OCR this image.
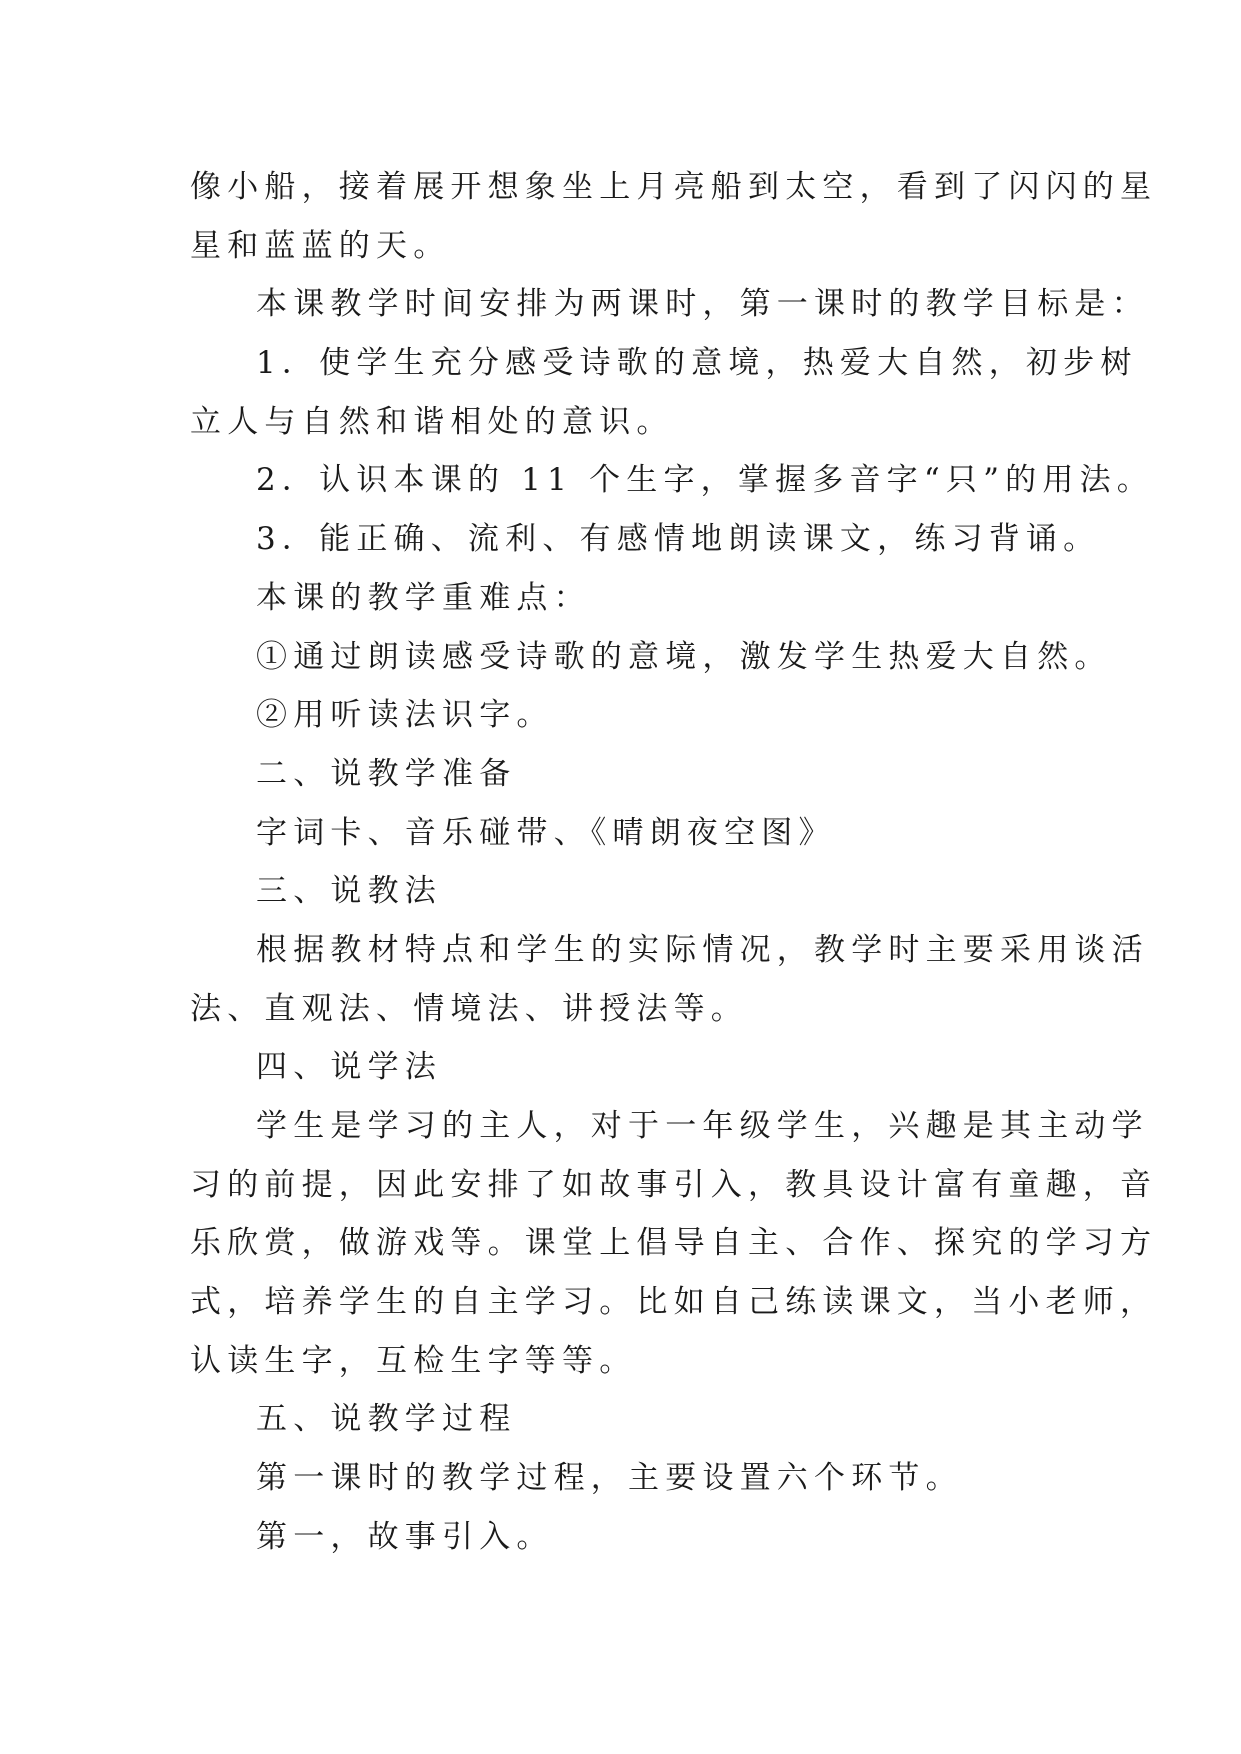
像小船，接着展开想象坐上月亮船到太空，看到了闪闪的星
星和蓝蓝的天。
本课教学时间安排为两课时，第一课时的教学目标是：
1．使学生充分感受诗歌的意境，热爱大自然，初步树
立人与自然和谐相处的意识。
2．认识本课的 11 个生字，掌握多音字“只”的用法。
3．能正确、流利、有感情地朗读课文，练习背诵。
本课的教学重难点：
①通过朗读感受诗歌的意境，激发学生热爱大自然。
②用听读法识字。
二、说教学准备
字词卡、音乐碰带、《晴朗夜空图》
三、说教法
根据教材特点和学生的实际情况，教学时主要采用谈活
法、直观法、情境法、讲授法等。
四、说学法
学生是学习的主人，对于一年级学生，兴趣是其主动学
习的前提，因此安排了如故事引入，教具设计富有童趣，音
乐欣赏，做游戏等。课堂上倡导自主、合作、探究的学习方
式，培养学生的自主学习。比如自己练读课文，当小老师，
认读生字，互检生字等等。
五、说教学过程
第一课时的教学过程，主要设置六个环节。
第一，故事引入。
